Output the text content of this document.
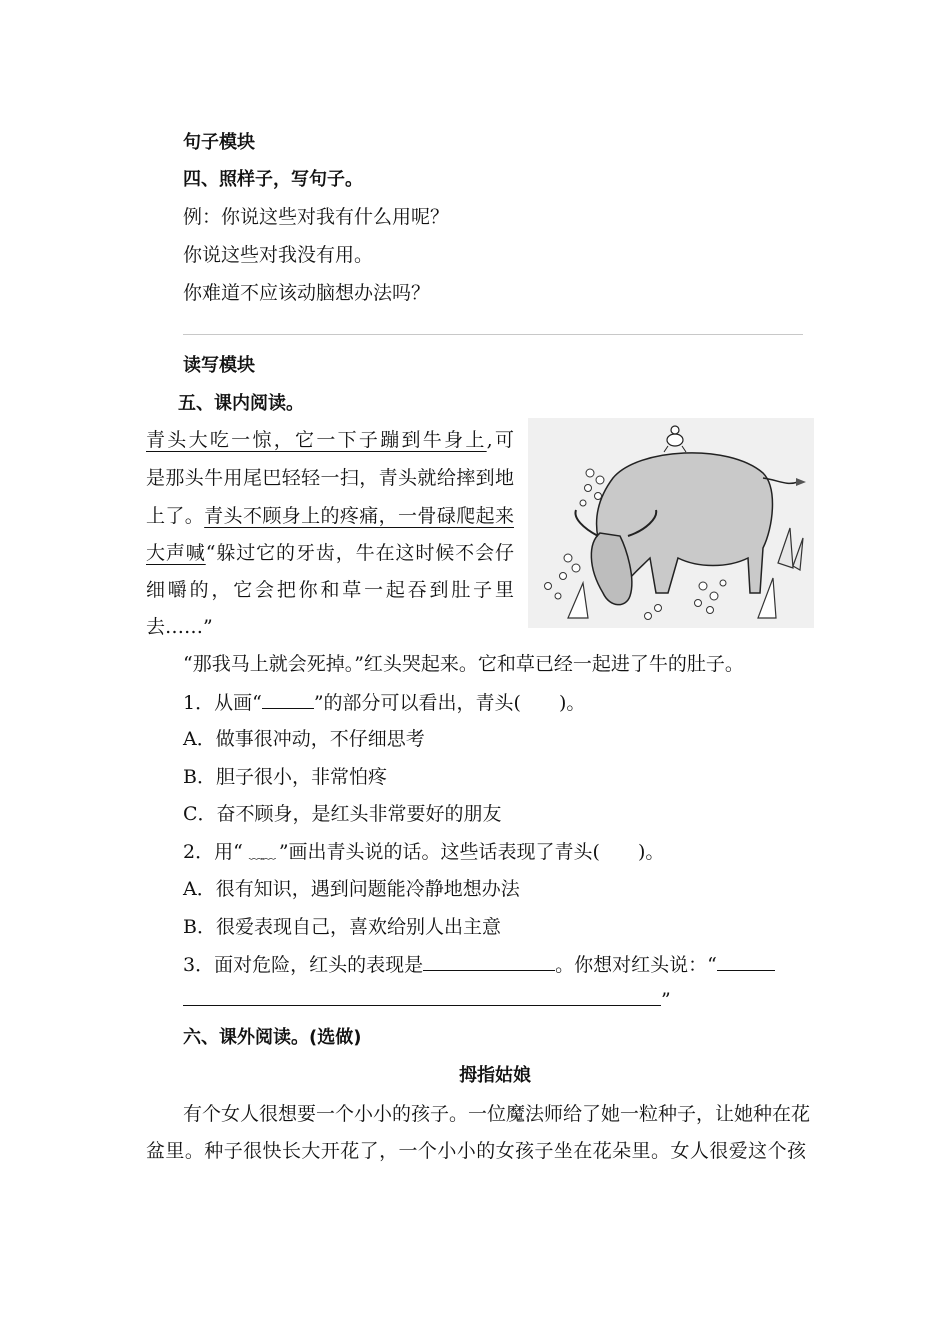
句子模块
四、照样子，写句子。
例：你说这些对我有什么用呢？
你说这些对我没有用。
你难道不应该动脑想办法吗？
读写模块
五、课内阅读。
青头大吃一惊，它一下子蹦到牛身上,可
是那头牛用尾巴轻轻一扫，青头就给摔到地
上了。青头不顾身上的疼痛，一骨碌爬起来
大声喊“躲过它的牙齿，牛在这时候不会仔
细嚼的，它会把你和草一起吞到肚子里
去……”
“那我马上就会死掉。”红头哭起来。它和草已经一起进了牛的肚子。
1．从画“	”的部分可以看出，青头(　　)。
A．做事很冲动，不仔细思考
B．胆子很小，非常怕疼
C．奋不顾身，是红头非常要好的朋友
2．用“ ﹏﹏ ”画出青头说的话。这些话表现了青头(　　)。
A．很有知识，遇到问题能冷静地想办法
B．很爱表现自己，喜欢给别人出主意
3．面对危险，红头的表现是	。你想对红头说：“
”
六、课外阅读。(选做)
拇指姑娘
有个女人很想要一个小小的孩子。一位魔法师给了她一粒种子，让她种在花
盆里。种子很快长大开花了，一个小小的女孩子坐在花朵里。女人很爱这个孩
